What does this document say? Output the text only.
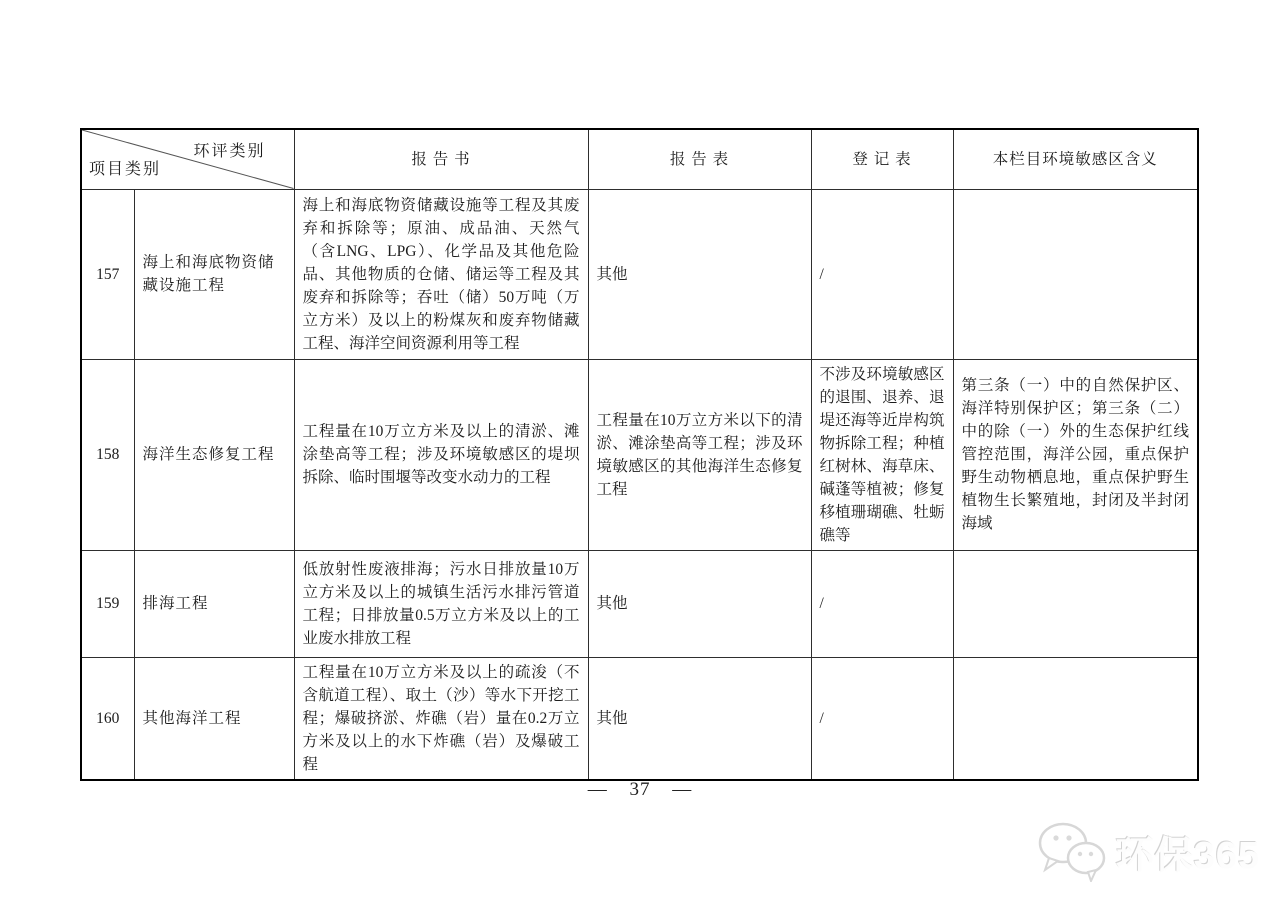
环评类别
项目类别		报 告 书	报 告 表	登 记 表	本栏目环境敏感区含义
157	海上和海底物资储藏设施工程	海上和海底物资储藏设施等工程及其废弃和拆除等；原油、成品油、天然气（含LNG、LPG）、化学品及其他危险品、其他物质的仓储、储运等工程及其废弃和拆除等；吞吐（储）50万吨（万立方米）及以上的粉煤灰和废弃物储藏工程、海洋空间资源利用等工程	其他	/	
158	海洋生态修复工程	工程量在10万立方米及以上的清淤、滩涂垫高等工程；涉及环境敏感区的堤坝拆除、临时围堰等改变水动力的工程	工程量在10万立方米以下的清淤、滩涂垫高等工程；涉及环境敏感区的其他海洋生态修复工程	不涉及环境敏感区的退围、退养、退堤还海等近岸构筑物拆除工程；种植红树林、海草床、碱蓬等植被；修复移植珊瑚礁、牡蛎礁等	第三条（一）中的自然保护区、海洋特别保护区；第三条（二）中的除（一）外的生态保护红线管控范围，海洋公园，重点保护野生动物栖息地，重点保护野生植物生长繁殖地，封闭及半封闭海域
159	排海工程	低放射性废液排海；污水日排放量10万立方米及以上的城镇生活污水排污管道工程；日排放量0.5万立方米及以上的工业废水排放工程	其他	/	
160	其他海洋工程	工程量在10万立方米及以上的疏浚（不含航道工程）、取土（沙）等水下开挖工程；爆破挤淤、炸礁（岩）量在0.2万立方米及以上的水下炸礁（岩）及爆破工程	其他	/	
— 37 —
环保365
